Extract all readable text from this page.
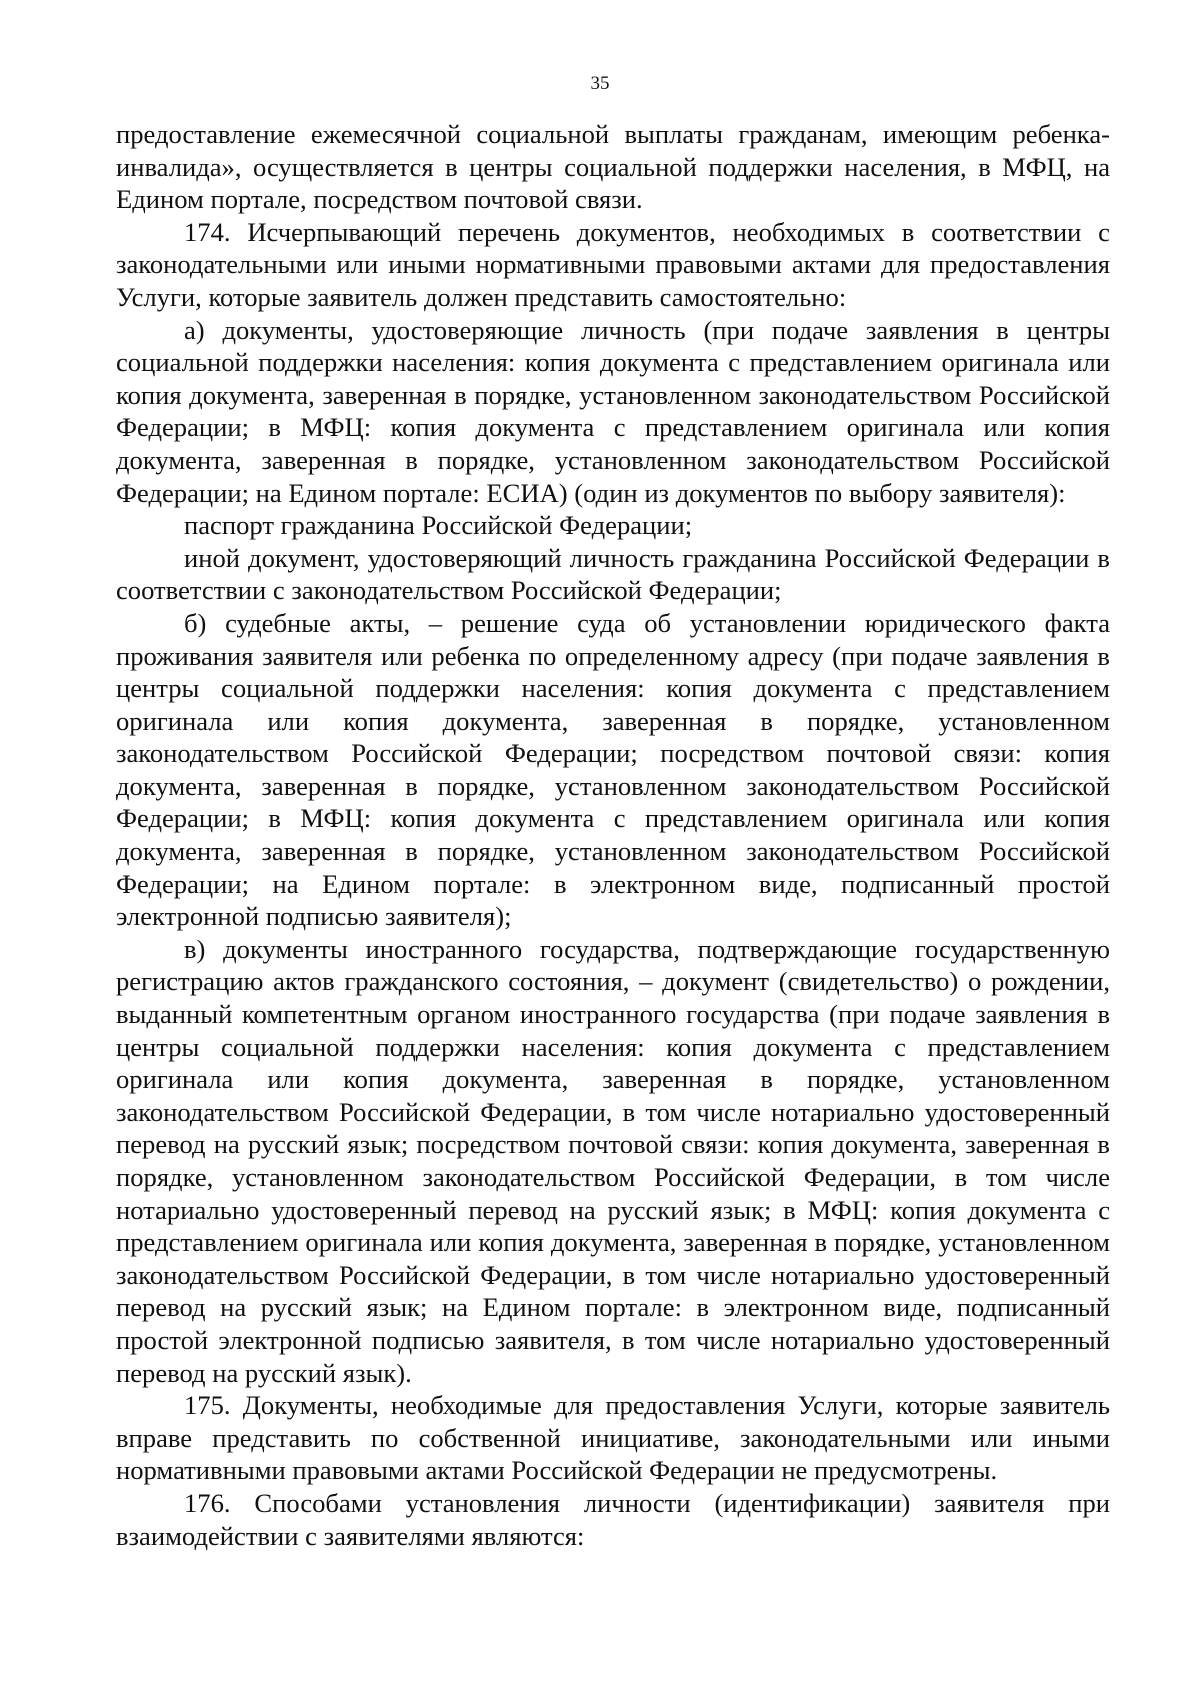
35

предоставление ежемесячной социальной выплаты гражданам, имеющим ребенка-инвалида», осуществляется в центры социальной поддержки населения, в МФЦ, на Едином портале, посредством почтовой связи.

174. Исчерпывающий перечень документов, необходимых в соответствии с законодательными или иными нормативными правовыми актами для предоставления Услуги, которые заявитель должен представить самостоятельно:

а) документы, удостоверяющие личность (при подаче заявления в центры социальной поддержки населения: копия документа с представлением оригинала или копия документа, заверенная в порядке, установленном законодательством Российской Федерации; в МФЦ: копия документа с представлением оригинала или копия документа, заверенная в порядке, установленном законодательством Российской Федерации; на Едином портале: ЕСИА) (один из документов по выбору заявителя):

паспорт гражданина Российской Федерации;

иной документ, удостоверяющий личность гражданина Российской Федерации в соответствии с законодательством Российской Федерации;

б) судебные акты, – решение суда об установлении юридического факта проживания заявителя или ребенка по определенному адресу (при подаче заявления в центры социальной поддержки населения: копия документа с представлением оригинала или копия документа, заверенная в порядке, установленном законодательством Российской Федерации; посредством почтовой связи: копия документа, заверенная в порядке, установленном законодательством Российской Федерации; в МФЦ: копия документа с представлением оригинала или копия документа, заверенная в порядке, установленном законодательством Российской Федерации; на Едином портале: в электронном виде, подписанный простой электронной подписью заявителя);

в) документы иностранного государства, подтверждающие государственную регистрацию актов гражданского состояния, – документ (свидетельство) о рождении, выданный компетентным органом иностранного государства (при подаче заявления в центры социальной поддержки населения: копия документа с представлением оригинала или копия документа, заверенная в порядке, установленном законодательством Российской Федерации, в том числе нотариально удостоверенный перевод на русский язык; посредством почтовой связи: копия документа, заверенная в порядке, установленном законодательством Российской Федерации, в том числе нотариально удостоверенный перевод на русский язык; в МФЦ: копия документа с представлением оригинала или копия документа, заверенная в порядке, установленном законодательством Российской Федерации, в том числе нотариально удостоверенный перевод на русский язык; на Едином портале: в электронном виде, подписанный простой электронной подписью заявителя, в том числе нотариально удостоверенный перевод на русский язык).

175. Документы, необходимые для предоставления Услуги, которые заявитель вправе представить по собственной инициативе, законодательными или иными нормативными правовыми актами Российской Федерации не предусмотрены.

176. Способами установления личности (идентификации) заявителя при взаимодействии с заявителями являются:
